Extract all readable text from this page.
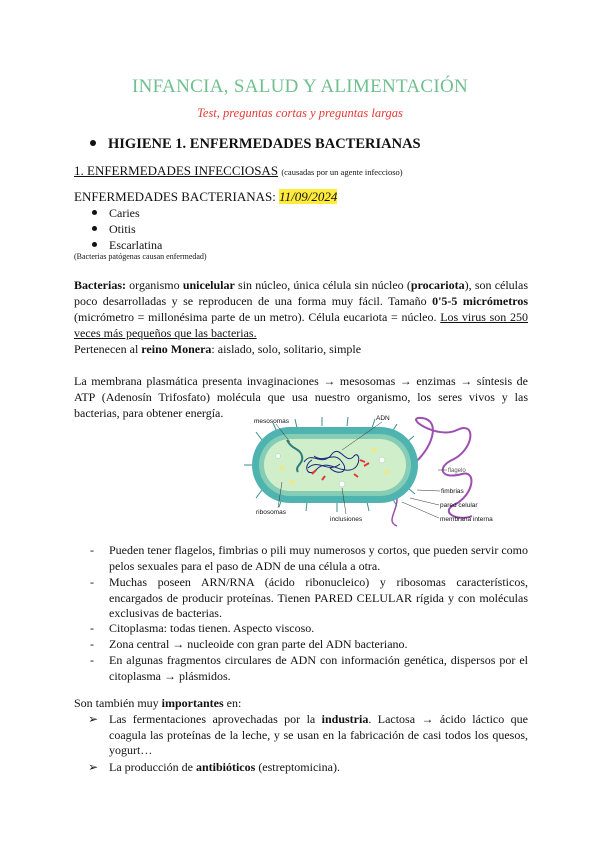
INFANCIA, SALUD Y ALIMENTACIÓN
Test, preguntas cortas y preguntas largas
HIGIENE 1. ENFERMEDADES BACTERIANAS
1. ENFERMEDADES INFECCIOSAS (causadas por un agente infeccioso)
ENFERMEDADES BACTERIANAS: 11/09/2024
Caries
Otitis
Escarlatina
(Bacterias patógenas causan enfermedad)
Bacterias: organismo unicelular sin núcleo, única célula sin núcleo (procariota), son células poco desarrolladas y se reproducen de una forma muy fácil. Tamaño 0'5-5 micrómetros (micrómetro = millonésima parte de un metro). Célula eucariota = núcleo. Los virus son 250 veces más pequeños que las bacterias.
Pertenecen al reino Monera: aislado, solo, solitario, simple
La membrana plasmática presenta invaginaciones → mesosomas → enzimas → síntesis de ATP (Adenosín Trifosfato) molécula que usa nuestro organismo, los seres vivos y las bacterias, para obtener energía.
mesosomas	ADN
flagelo
fimbrias
pared celular
membrana interna
inclusiones
ribosomas
- Pueden tener flagelos, fimbrias o pili muy numerosos y cortos, que pueden servir como pelos sexuales para el paso de ADN de una célula a otra.
- Muchas poseen ARN/RNA (ácido ribonucleico) y ribosomas característicos, encargados de producir proteínas. Tienen PARED CELULAR rígida y con moléculas exclusivas de bacterias.
- Citoplasma: todas tienen. Aspecto viscoso.
- Zona central → nucleoide con gran parte del ADN bacteriano.
- En algunas fragmentos circulares de ADN con información genética, dispersos por el citoplasma → plásmidos.
Son también muy importantes en:
➢ Las fermentaciones aprovechadas por la industria. Lactosa → ácido láctico que coagula las proteínas de la leche, y se usan en la fabricación de casi todos los quesos, yogurt…
➢ La producción de antibióticos (estreptomicina).
